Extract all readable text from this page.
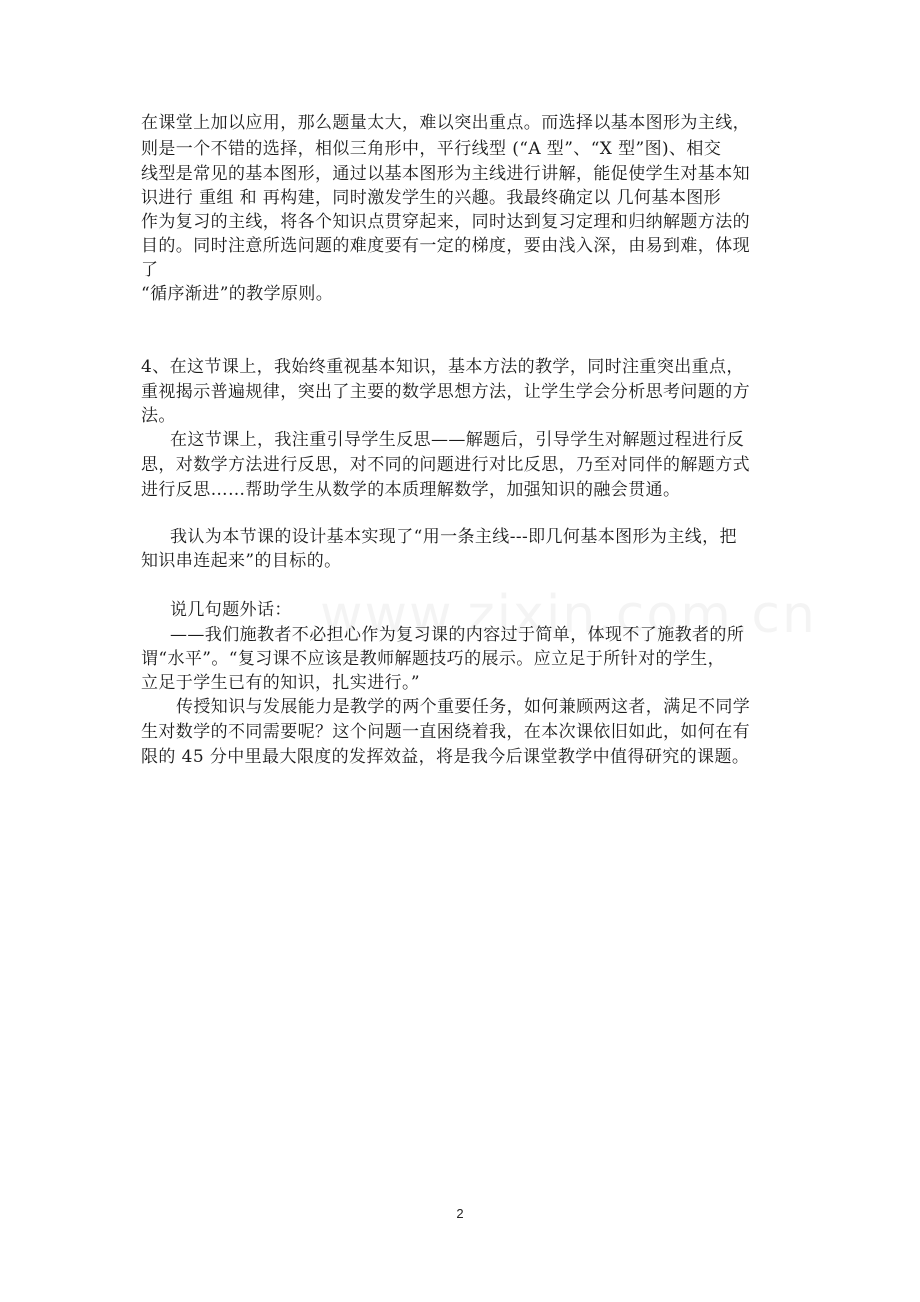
在课堂上加以应用，那么题量太大，难以突出重点。而选择以基本图形为主线，
则是一个不错的选择，相似三角形中，平行线型 (“A 型”、“X 型”图)、相交
线型是常见的基本图形，通过以基本图形为主线进行讲解，能促使学生对基本知
识进行 重组 和 再构建，同时激发学生的兴趣。我最终确定以 几何基本图形
作为复习的主线，将各个知识点贯穿起来，同时达到复习定理和归纳解题方法的
目的。同时注意所选问题的难度要有一定的梯度，要由浅入深，由易到难，体现
了
“循序渐进”的教学原则。
4、在这节课上，我始终重视基本知识，基本方法的教学，同时注重突出重点，
重视揭示普遍规律，突出了主要的数学思想方法，让学生学会分析思考问题的方
法。
在这节课上，我注重引导学生反思——解题后，引导学生对解题过程进行反
思，对数学方法进行反思，对不同的问题进行对比反思，乃至对同伴的解题方式
进行反思……帮助学生从数学的本质理解数学，加强知识的融会贯通。
我认为本节课的设计基本实现了“用一条主线---即几何基本图形为主线，把
知识串连起来”的目标的。
说几句题外话：
——我们施教者不必担心作为复习课的内容过于简单，体现不了施教者的所
谓“水平”。“复习课不应该是教师解题技巧的展示。应立足于所针对的学生，
立足于学生已有的知识，扎实进行。”
传授知识与发展能力是教学的两个重要任务，如何兼顾两这者，满足不同学
生对数学的不同需要呢？这个问题一直困绕着我，在本次课依旧如此，如何在有
限的 45 分中里最大限度的发挥效益，将是我今后课堂教学中值得研究的课题。
2
